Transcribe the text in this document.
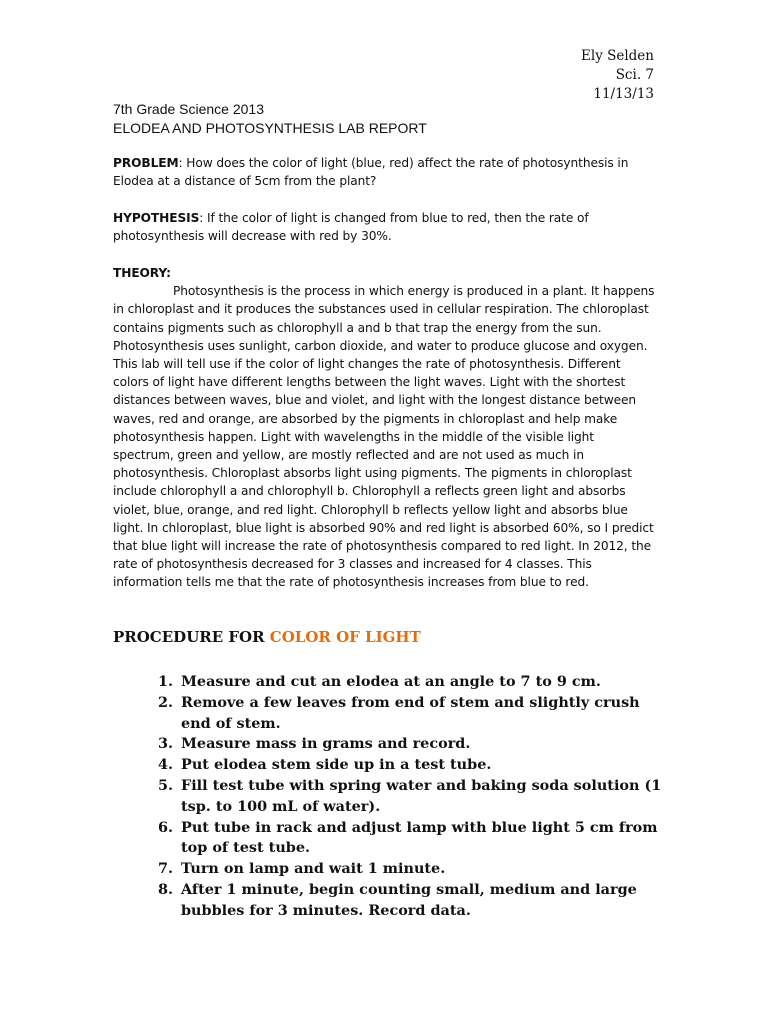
Ely Selden
Sci. 7
11/13/13
7th Grade Science 2013
ELODEA AND PHOTOSYNTHESIS LAB REPORT
PROBLEM: How does the color of light (blue, red) affect the rate of photosynthesis in Elodea at a distance of 5cm from the plant?
HYPOTHESIS: If the color of light is changed from blue to red, then the rate of photosynthesis will decrease with red by 30%.
THEORY:
Photosynthesis is the process in which energy is produced in a plant. It happens in chloroplast and it produces the substances used in cellular respiration. The chloroplast contains pigments such as chlorophyll a and b that trap the energy from the sun. Photosynthesis uses sunlight, carbon dioxide, and water to produce glucose and oxygen. This lab will tell use if the color of light changes the rate of photosynthesis. Different colors of light have different lengths between the light waves. Light with the shortest distances between waves, blue and violet, and light with the longest distance between waves, red and orange, are absorbed by the pigments in chloroplast and help make photosynthesis happen. Light with wavelengths in the middle of the visible light spectrum, green and yellow, are mostly reflected and are not used as much in photosynthesis. Chloroplast absorbs light using pigments. The pigments in chloroplast include chlorophyll a and chlorophyll b. Chlorophyll a reflects green light and absorbs violet, blue, orange, and red light. Chlorophyll b reflects yellow light and absorbs blue light. In chloroplast, blue light is absorbed 90% and red light is absorbed 60%, so I predict that blue light will increase the rate of photosynthesis compared to red light. In 2012, the rate of photosynthesis decreased for 3 classes and increased for 4 classes. This information tells me that the rate of photosynthesis increases from blue to red.
PROCEDURE FOR COLOR OF LIGHT
1. Measure and cut an elodea at an angle to 7 to 9 cm.
2. Remove a few leaves from end of stem and slightly crush end of stem.
3. Measure mass in grams and record.
4. Put elodea stem side up in a test tube.
5. Fill test tube with spring water and baking soda solution (1 tsp. to 100 mL of water).
6. Put tube in rack and adjust lamp with blue light 5 cm from top of test tube.
7. Turn on lamp and wait 1 minute.
8. After 1 minute, begin counting small, medium and large bubbles for 3 minutes. Record data.
